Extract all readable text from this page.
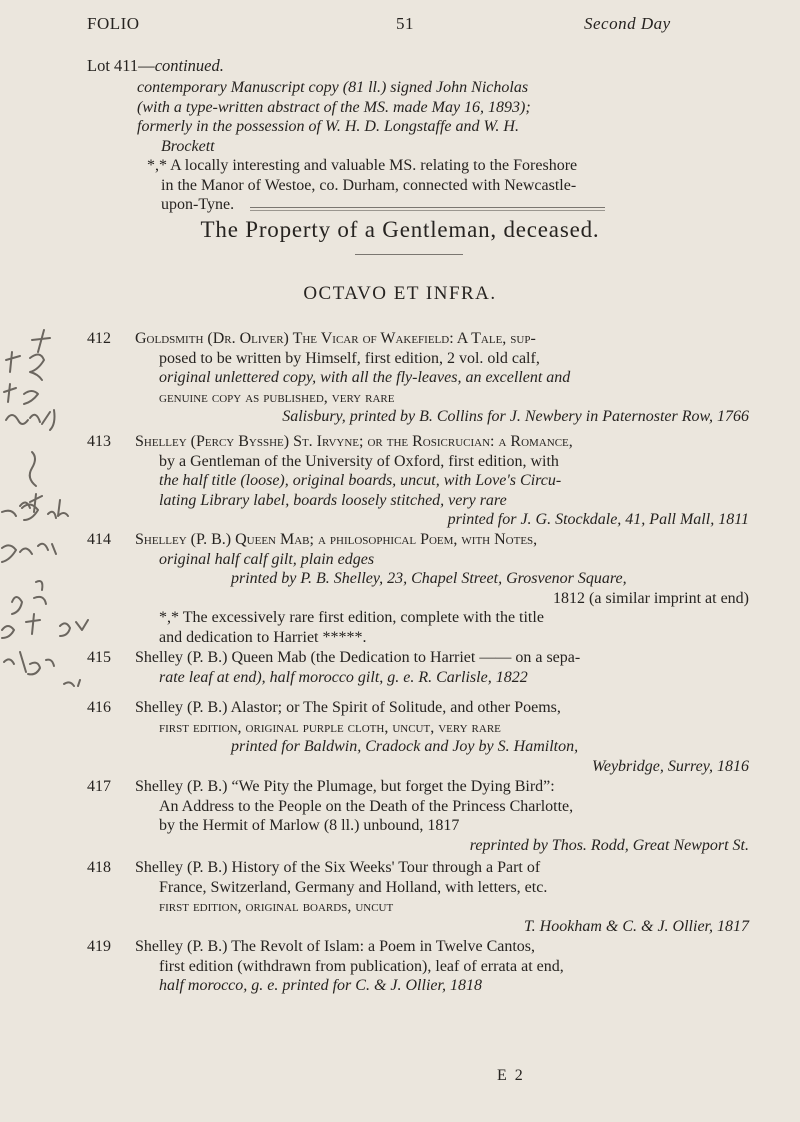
FOLIO	51	Second Day
Lot 411—continued.
contemporary Manuscript copy (81 ll.) signed John Nicholas
(with a type-written abstract of the MS. made May 16, 1893);
formerly in the possession of W. H. D. Longstaffe and W. H.
Brockett
*,* A locally interesting and valuable MS. relating to the Foreshore
in the Manor of Westoe, co. Durham, connected with Newcastle-
upon-Tyne.
The Property of a Gentleman, deceased.
OCTAVO ET INFRA.
412	Goldsmith (Dr. Oliver) The Vicar of Wakefield: A Tale, sup-
posed to be written by Himself, first edition, 2 vol. old calf,
original unlettered copy, with all the fly-leaves, an excellent and
genuine copy as published, very rare
Salisbury, printed by B. Collins for J. Newbery in Paternoster Row, 1766
413	Shelley (Percy Bysshe) St. Irvyne; or the Rosicrucian: a Romance,
by a Gentleman of the University of Oxford, first edition, with
the half title (loose), original boards, uncut, with Love's Circu-
lating Library label, boards loosely stitched, very rare
printed for J. G. Stockdale, 41, Pall Mall, 1811
414	Shelley (P. B.) Queen Mab; a philosophical Poem, with Notes,
original half calf gilt, plain edges
printed by P. B. Shelley, 23, Chapel Street, Grosvenor Square,
1812 (a similar imprint at end)
*,* The excessively rare first edition, complete with the title
and dedication to Harriet *****.
415	Shelley (P. B.) Queen Mab (the Dedication to Harriet —— on a sepa-
rate leaf at end), half morocco gilt, g. e. R. Carlisle, 1822
416	Shelley (P. B.) Alastor; or The Spirit of Solitude, and other Poems,
first edition, original purple cloth, uncut, very rare
printed for Baldwin, Cradock and Joy by S. Hamilton,
Weybridge, Surrey, 1816
417	Shelley (P. B.) “We Pity the Plumage, but forget the Dying Bird”:
An Address to the People on the Death of the Princess Charlotte,
by the Hermit of Marlow (8 ll.) unbound, 1817
reprinted by Thos. Rodd, Great Newport St.
418	Shelley (P. B.) History of the Six Weeks' Tour through a Part of
France, Switzerland, Germany and Holland, with letters, etc.
first edition, original boards, uncut
T. Hookham & C. & J. Ollier, 1817
419	Shelley (P. B.) The Revolt of Islam: a Poem in Twelve Cantos,
first edition (withdrawn from publication), leaf of errata at end,
half morocco, g. e. printed for C. & J. Ollier, 1818
E 2
